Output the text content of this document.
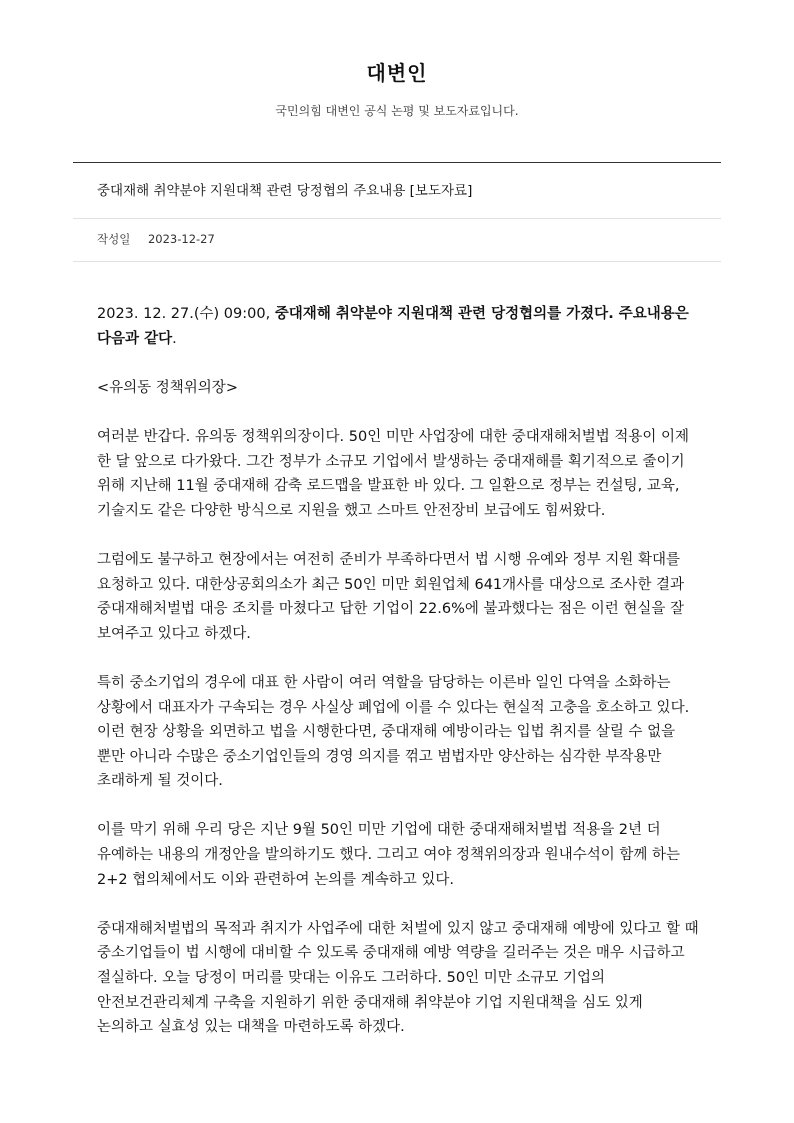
대변인

국민의힘 대변인 공식 논평 및 보도자료입니다.

중대재해 취약분야 지원대책 관련 당정협의 주요내용 [보도자료]
작성일 2023-12-27

2023. 12. 27.(수) 09:00, 중대재해 취약분야 지원대책 관련 당정협의를 가졌다. 주요내용은 다음과 같다.

<유의동 정책위의장>

여러분 반갑다. 유의동 정책위의장이다. 50인 미만 사업장에 대한 중대재해처벌법 적용이 이제 한 달 앞으로 다가왔다. 그간 정부가 소규모 기업에서 발생하는 중대재해를 획기적으로 줄이기 위해 지난해 11월 중대재해 감축 로드맵을 발표한 바 있다. 그 일환으로 정부는 컨설팅, 교육, 기술지도 같은 다양한 방식으로 지원을 했고 스마트 안전장비 보급에도 힘써왔다.

그럼에도 불구하고 현장에서는 여전히 준비가 부족하다면서 법 시행 유예와 정부 지원 확대를 요청하고 있다. 대한상공회의소가 최근 50인 미만 회원업체 641개사를 대상으로 조사한 결과 중대재해처벌법 대응 조치를 마쳤다고 답한 기업이 22.6%에 불과했다는 점은 이런 현실을 잘 보여주고 있다고 하겠다.

특히 중소기업의 경우에 대표 한 사람이 여러 역할을 담당하는 이른바 일인 다역을 소화하는 상황에서 대표자가 구속되는 경우 사실상 폐업에 이를 수 있다는 현실적 고충을 호소하고 있다. 이런 현장 상황을 외면하고 법을 시행한다면, 중대재해 예방이라는 입법 취지를 살릴 수 없을 뿐만 아니라 수많은 중소기업인들의 경영 의지를 꺾고 범법자만 양산하는 심각한 부작용만 초래하게 될 것이다.

이를 막기 위해 우리 당은 지난 9월 50인 미만 기업에 대한 중대재해처벌법 적용을 2년 더 유예하는 내용의 개정안을 발의하기도 했다. 그리고 여야 정책위의장과 원내수석이 함께 하는 2+2 협의체에서도 이와 관련하여 논의를 계속하고 있다.

중대재해처벌법의 목적과 취지가 사업주에 대한 처벌에 있지 않고 중대재해 예방에 있다고 할 때 중소기업들이 법 시행에 대비할 수 있도록 중대재해 예방 역량을 길러주는 것은 매우 시급하고 절실하다. 오늘 당정이 머리를 맞대는 이유도 그러하다. 50인 미만 소규모 기업의 안전보건관리체계 구축을 지원하기 위한 중대재해 취약분야 기업 지원대책을 심도 있게 논의하고 실효성 있는 대책을 마련하도록 하겠다.
